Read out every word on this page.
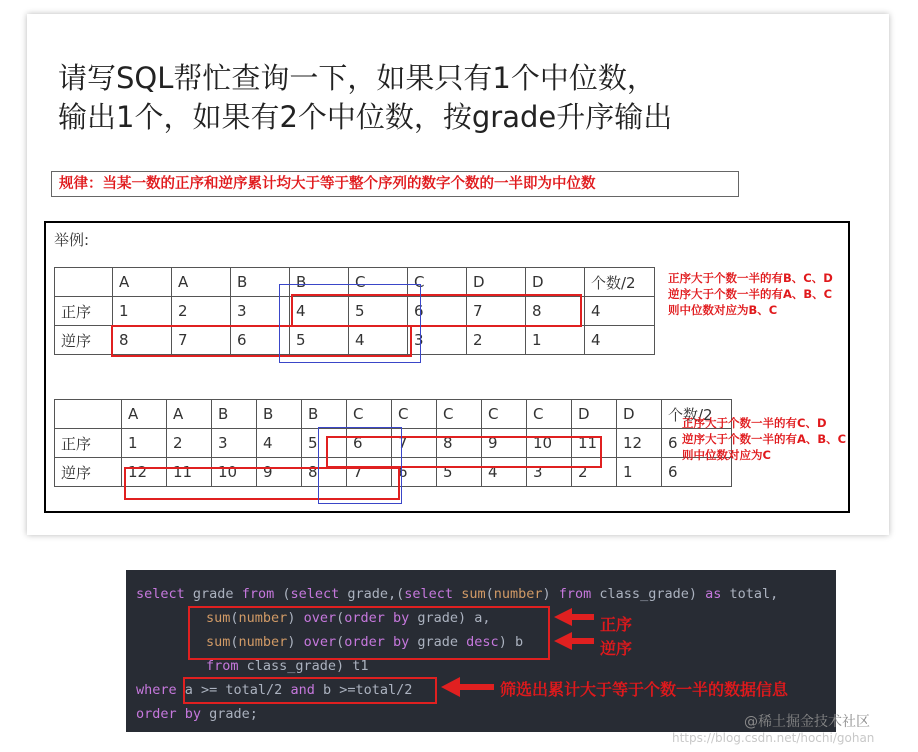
请写SQL帮忙查询一下，如果只有1个中位数，
输出1个，如果有2个中位数，按grade升序输出
规律：当某一数的正序和逆序累计均大于等于整个序列的数字个数的一半即为中位数
举例:
	A	A	B	B	C	C	D	D	个数/2
正序	1	2	3	4	5	6	7	8	4
逆序	8	7	6	5	4	3	2	1	4
	A	A	B	B	B	C	C	C	C	C	D	D	个数/2
正序	1	2	3	4	5	6	7	8	9	10	11	12	6
逆序	12	11	10	9	8	7	6	5	4	3	2	1	6
正序大于个数一半的有B、C、D
逆序大于个数一半的有A、B、C
则中位数对应为B、C
正序大于个数一半的有C、D
逆序大于个数一半的有A、B、C
则中位数对应为C
select grade from (select grade,(select sum(number) from class_grade) as total,
sum(number) over(order by grade) a,
sum(number) over(order by grade desc) b
from class_grade) t1
where a >= total/2 and b >=total/2
order by grade;
正序
逆序
筛选出累计大于等于个数一半的数据信息
@稀土掘金技术社区
https://blog.csdn.net/hochi/gohan
